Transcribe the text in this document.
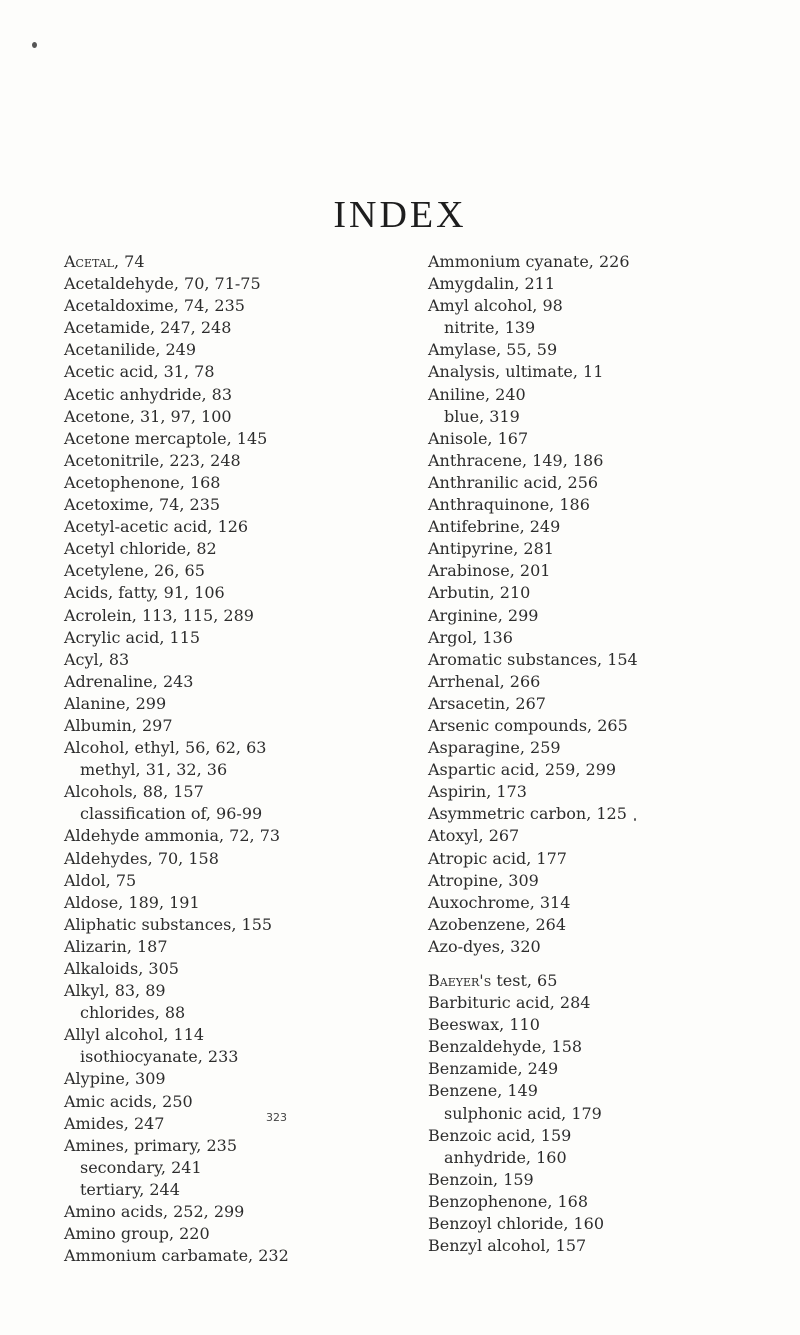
INDEX
Acetal, 74
Acetaldehyde, 70, 71-75
Acetaldoxime, 74, 235
Acetamide, 247, 248
Acetanilide, 249
Acetic acid, 31, 78
Acetic anhydride, 83
Acetone, 31, 97, 100
Acetone mercaptole, 145
Acetonitrile, 223, 248
Acetophenone, 168
Acetoxime, 74, 235
Acetyl-acetic acid, 126
Acetyl chloride, 82
Acetylene, 26, 65
Acids, fatty, 91, 106
Acrolein, 113, 115, 289
Acrylic acid, 115
Acyl, 83
Adrenaline, 243
Alanine, 299
Albumin, 297
Alcohol, ethyl, 56, 62, 63
methyl, 31, 32, 36
Alcohols, 88, 157
classification of, 96-99
Aldehyde ammonia, 72, 73
Aldehydes, 70, 158
Aldol, 75
Aldose, 189, 191
Aliphatic substances, 155
Alizarin, 187
Alkaloids, 305
Alkyl, 83, 89
chlorides, 88
Allyl alcohol, 114
isothiocyanate, 233
Alypine, 309
Amic acids, 250
Amides, 247
Amines, primary, 235
secondary, 241
tertiary, 244
Amino acids, 252, 299
Amino group, 220
Ammonium carbamate, 232
Ammonium cyanate, 226
Amygdalin, 211
Amyl alcohol, 98
nitrite, 139
Amylase, 55, 59
Analysis, ultimate, 11
Aniline, 240
blue, 319
Anisole, 167
Anthracene, 149, 186
Anthranilic acid, 256
Anthraquinone, 186
Antifebrine, 249
Antipyrine, 281
Arabinose, 201
Arbutin, 210
Arginine, 299
Argol, 136
Aromatic substances, 154
Arrhenal, 266
Arsacetin, 267
Arsenic compounds, 265
Asparagine, 259
Aspartic acid, 259, 299
Aspirin, 173
Asymmetric carbon, 125
Atoxyl, 267
Atropic acid, 177
Atropine, 309
Auxochrome, 314
Azobenzene, 264
Azo-dyes, 320
Baeyer's test, 65
Barbituric acid, 284
Beeswax, 110
Benzaldehyde, 158
Benzamide, 249
Benzene, 149
sulphonic acid, 179
Benzoic acid, 159
anhydride, 160
Benzoin, 159
Benzophenone, 168
Benzoyl chloride, 160
Benzyl alcohol, 157
323
